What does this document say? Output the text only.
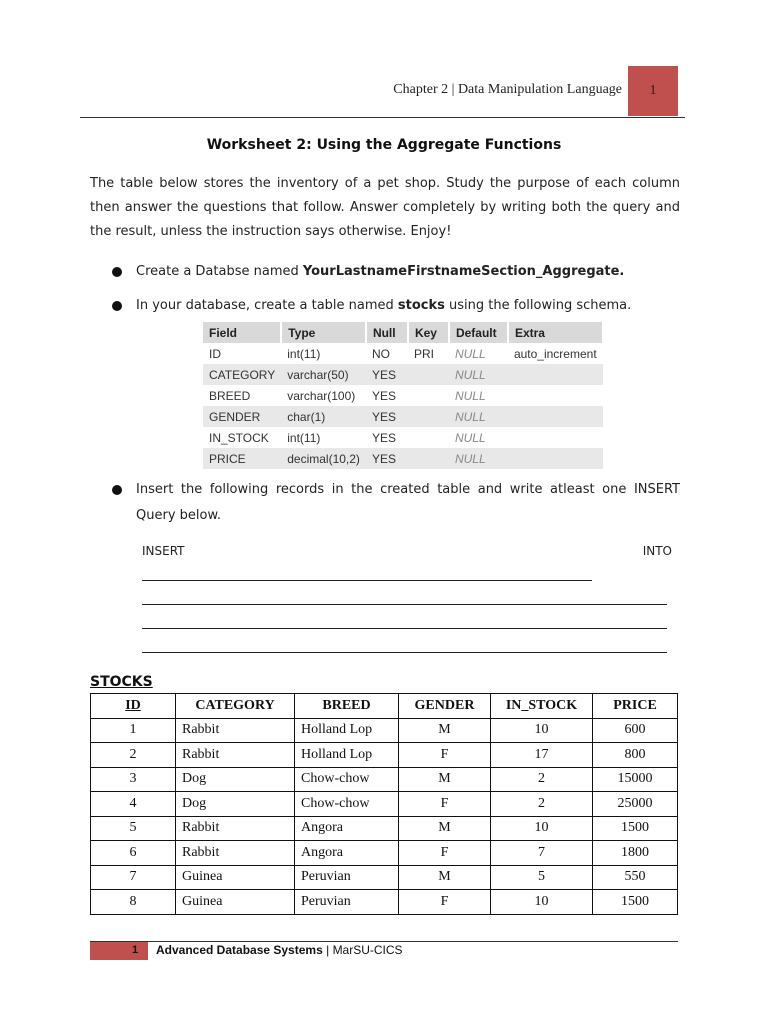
Chapter 2 | Data Manipulation Language	1
Worksheet 2: Using the Aggregate Functions

The table below stores the inventory of a pet shop. Study the purpose of each column then answer the questions that follow. Answer completely by writing both the query and the result, unless the instruction says otherwise. Enjoy!

Create a Databse named YourLastnameFirstnameSection_Aggregate.
In your database, create a table named stocks using the following schema.
Field	Type	Null	Key	Default	Extra
ID	int(11)	NO	PRI	NULL	auto_increment
CATEGORY	varchar(50)	YES		NULL	
BREED	varchar(100)	YES		NULL	
GENDER	char(1)	YES		NULL	
IN_STOCK	int(11)	YES		NULL	
PRICE	decimal(10,2)	YES		NULL	
Insert the following records in the created table and write atleast one INSERT Query below.
INSERT	INTO
STOCKS
ID	CATEGORY	BREED	GENDER	IN_STOCK	PRICE
1	Rabbit	Holland Lop	M	10	600
2	Rabbit	Holland Lop	F	17	800
3	Dog	Chow-chow	M	2	15000
4	Dog	Chow-chow	F	2	25000
5	Rabbit	Angora	M	10	1500
6	Rabbit	Angora	F	7	1800
7	Guinea	Peruvian	M	5	550
8	Guinea	Peruvian	F	10	1500
1 Advanced Database Systems | MarSU-CICS
